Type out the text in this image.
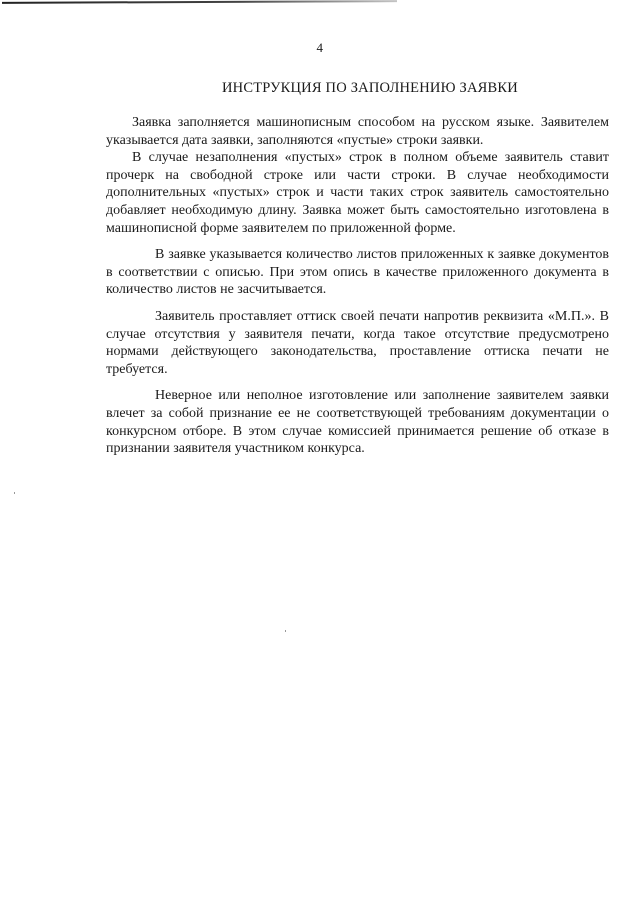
4
ИНСТРУКЦИЯ ПО ЗАПОЛНЕНИЮ ЗАЯВКИ

Заявка заполняется машинописным способом на русском языке. Заявителем указывается дата заявки, заполняются «пустые» строки заявки.

В случае незаполнения «пустых» строк в полном объеме заявитель ставит прочерк на свободной строке или части строки. В случае необходимости дополнительных «пустых» строк и части таких строк заявитель самостоятельно добавляет необходимую длину. Заявка может быть самостоятельно изготовлена в машинописной форме заявителем по приложенной форме.

В заявке указывается количество листов приложенных к заявке документов в соответствии с описью. При этом опись в качестве приложенного документа в количество листов не засчитывается.

Заявитель проставляет оттиск своей печати напротив реквизита «М.П.». В случае отсутствия у заявителя печати, когда такое отсутствие предусмотрено нормами действующего законодательства, проставление оттиска печати не требуется.

Неверное или неполное изготовление или заполнение заявителем заявки влечет за собой признание ее не соответствующей требованиям документации о конкурсном отборе. В этом случае комиссией принимается решение об отказе в признании заявителя участником конкурса.
